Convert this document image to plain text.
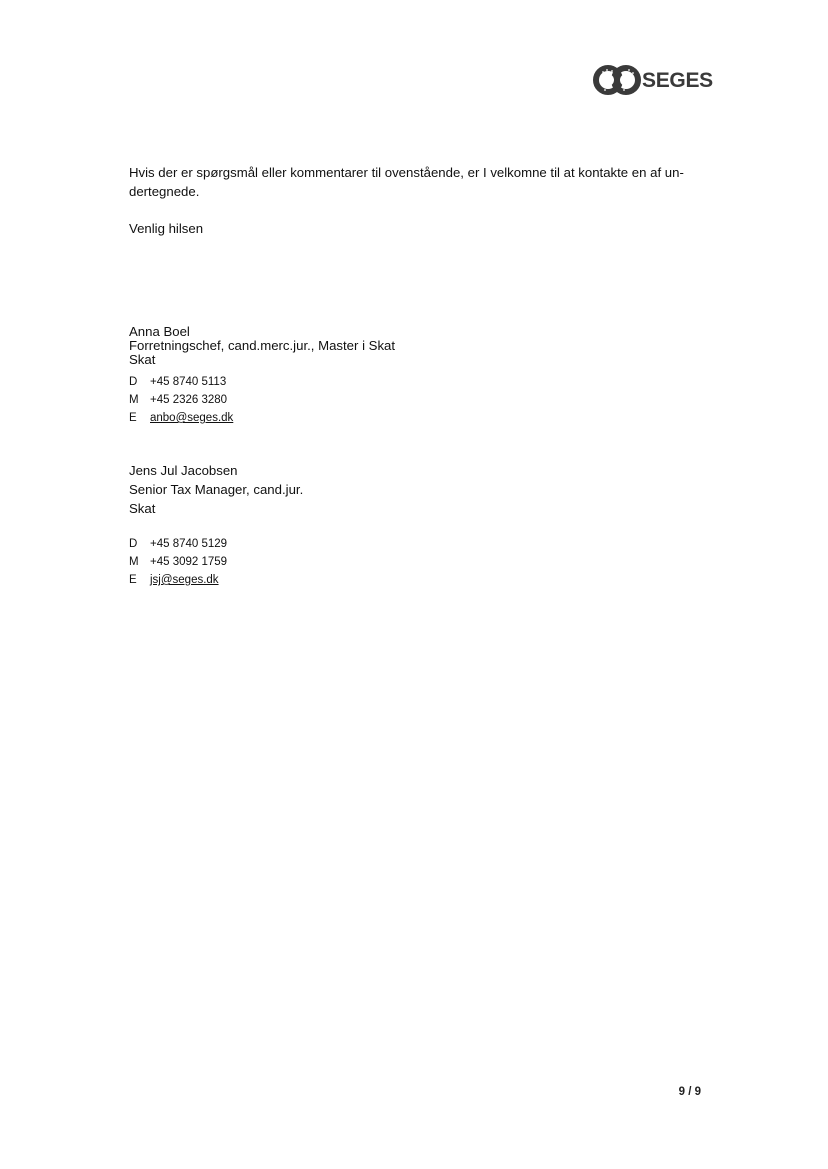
SEGES

Hvis der er spørgsmål eller kommentarer til ovenstående, er I velkomne til at kontakte en af un- dertegnede.

Venlig hilsen

Anna Boel
Forretningschef, cand.merc.jur., Master i Skat
Skat
D	+45 8740 5113
M +45 2326 3280
E	anbo@seges.dk
Jens Jul Jacobsen
Senior Tax Manager, cand.jur.
Skat
D	+45 8740 5129
M +45 3092 1759
E	jsj@seges.dk
9 / 9
